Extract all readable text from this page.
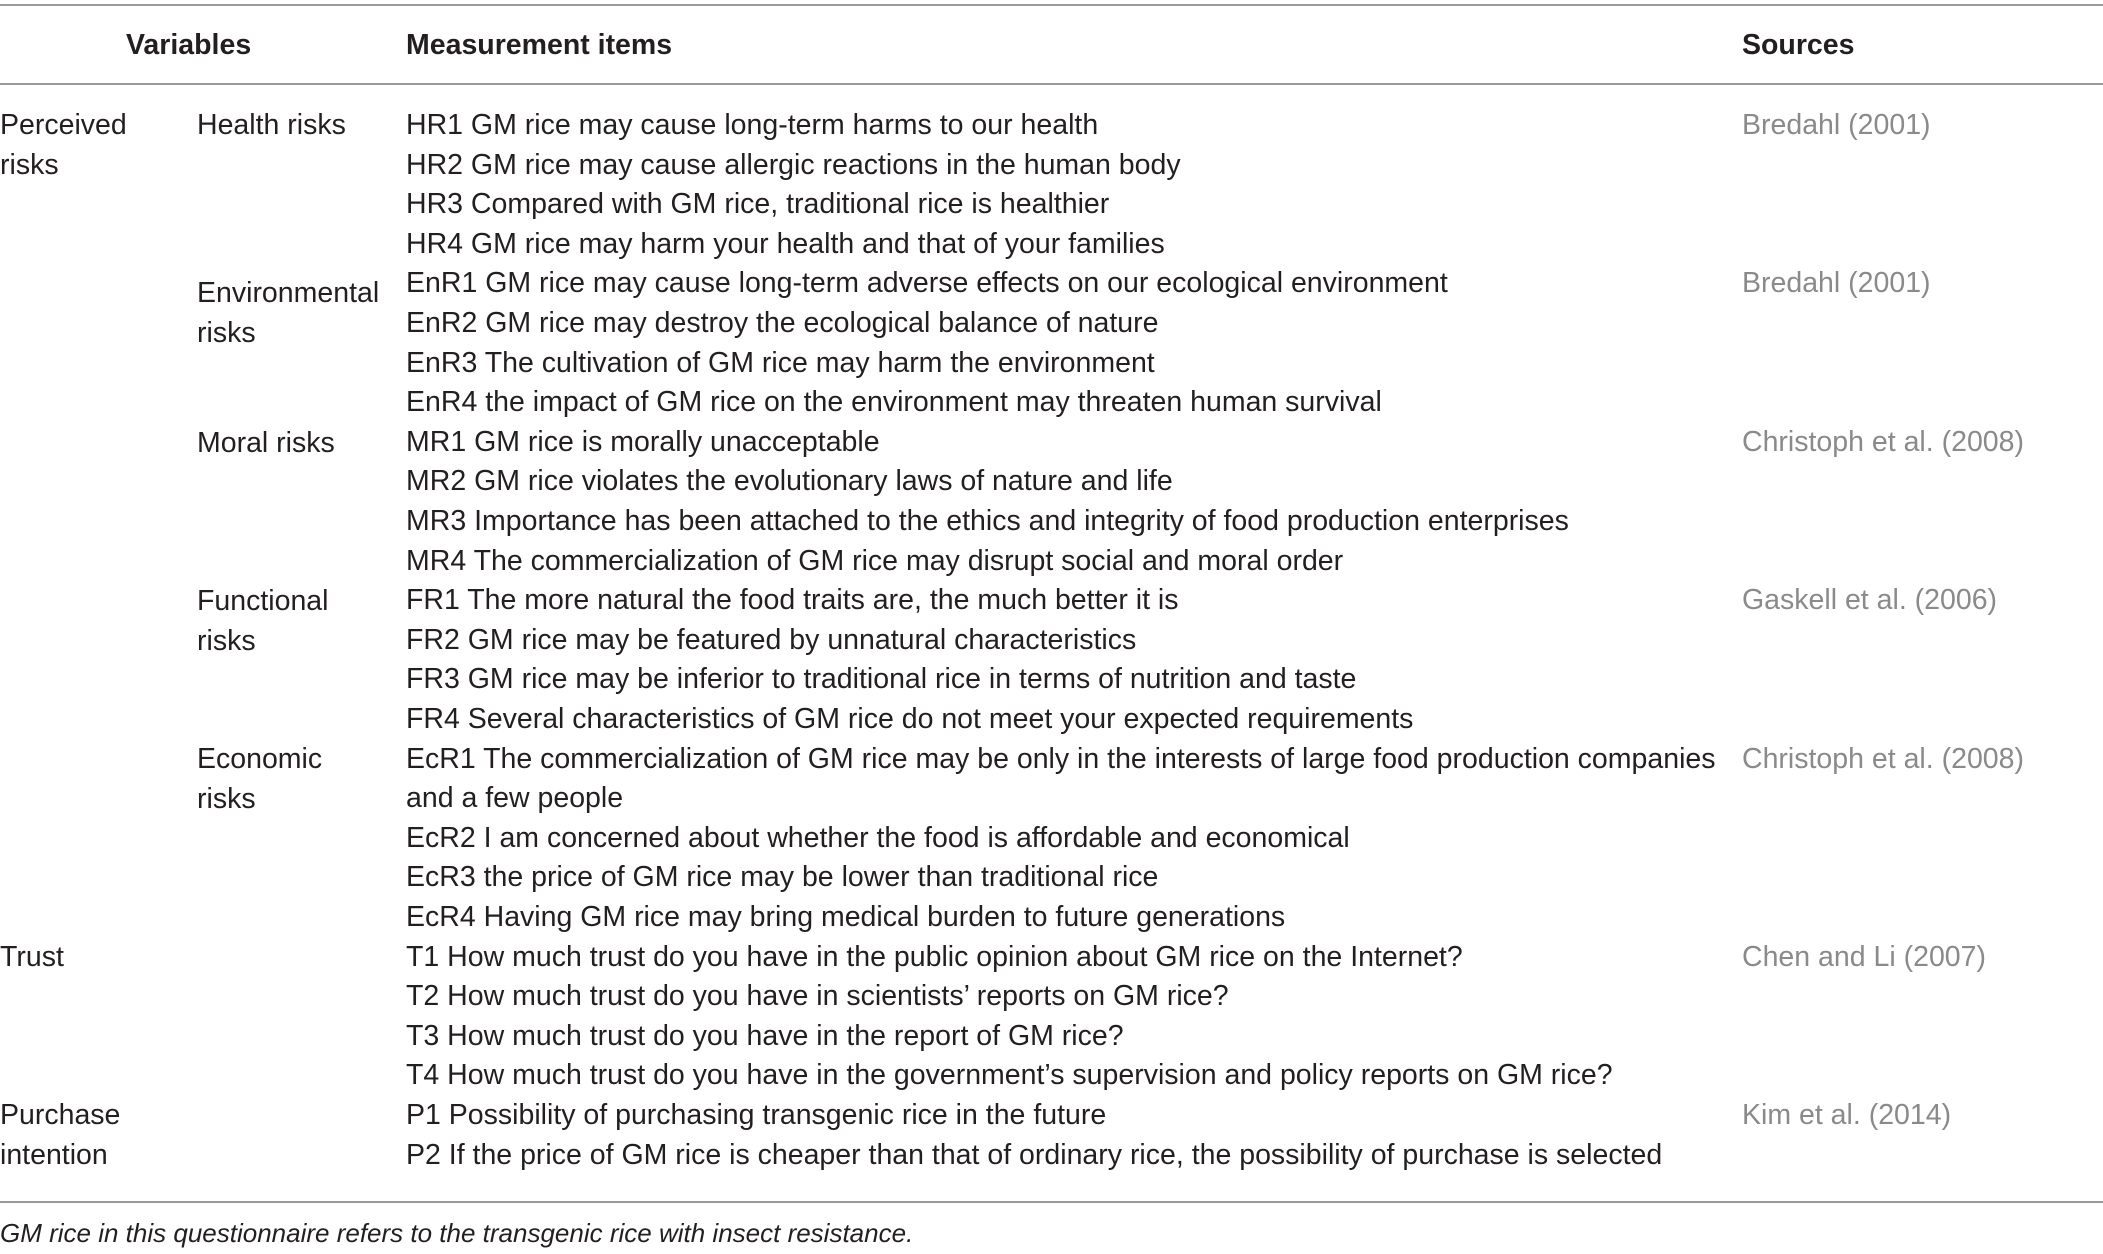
Variables	Measurement items	Sources
Perceived
risks
Trust
Purchase
intention
Health risks
Environmental
risks
Moral risks
Functional
risks
Economic
risks
HR1 GM rice may cause long-term harms to our health
HR2 GM rice may cause allergic reactions in the human body
HR3 Compared with GM rice, traditional rice is healthier
HR4 GM rice may harm your health and that of your families
EnR1 GM rice may cause long-term adverse effects on our ecological environment
EnR2 GM rice may destroy the ecological balance of nature
EnR3 The cultivation of GM rice may harm the environment
EnR4 the impact of GM rice on the environment may threaten human survival
MR1 GM rice is morally unacceptable
MR2 GM rice violates the evolutionary laws of nature and life
MR3 Importance has been attached to the ethics and integrity of food production enterprises
MR4 The commercialization of GM rice may disrupt social and moral order
FR1 The more natural the food traits are, the much better it is
FR2 GM rice may be featured by unnatural characteristics
FR3 GM rice may be inferior to traditional rice in terms of nutrition and taste
FR4 Several characteristics of GM rice do not meet your expected requirements
EcR1 The commercialization of GM rice may be only in the interests of large food production companies
and a few people
EcR2 I am concerned about whether the food is affordable and economical
EcR3 the price of GM rice may be lower than traditional rice
EcR4 Having GM rice may bring medical burden to future generations
T1 How much trust do you have in the public opinion about GM rice on the Internet?
T2 How much trust do you have in scientists’ reports on GM rice?
T3 How much trust do you have in the report of GM rice?
T4 How much trust do you have in the government’s supervision and policy reports on GM rice?
P1 Possibility of purchasing transgenic rice in the future
P2 If the price of GM rice is cheaper than that of ordinary rice, the possibility of purchase is selected
Bredahl (2001)
Bredahl (2001)
Christoph et al. (2008)
Gaskell et al. (2006)
Christoph et al. (2008)
Chen and Li (2007)
Kim et al. (2014)
GM rice in this questionnaire refers to the transgenic rice with insect resistance.
